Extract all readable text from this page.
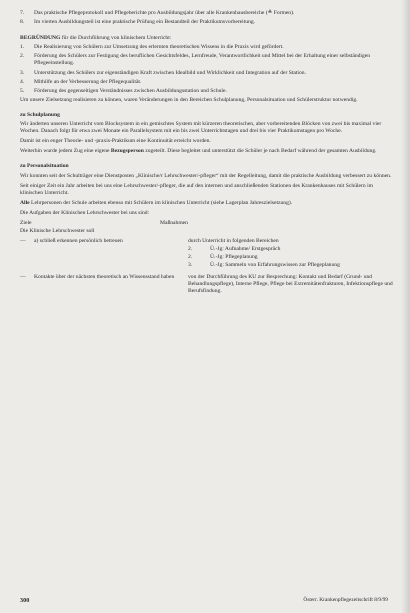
7.	Das praktische Pflegeprotokoll und Pflegeberichte pro Ausbildungsjahr über alle Krankenhausbereiche (≙ Formen).
8.	Im vierten Ausbildungsteil ist eine praktische Prüfung ein Bestandteil der Praktikumsvorbereitung.
BEGRÜNDUNG für die Durchführung von klinischem Unterricht:
1.	Die Realisierung von Schülern zur Umsetzung des erlernten theoretischen Wissens in die Praxis wird gefördert.
2.	Förderung des Schülers zur Festigung des beruflichen Gesichtsfeldes, Lernfreude, Verantwortlichkeit und Mittel bei der Erhaltung einer selbständigen Pflegeeinstellung.
3.	Unterstützung des Schülers zur eigenständigen Kraft zwischen Idealbild und Wirklichkeit und Integration auf der Station.
4.	Mithilfe an der Verbesserung der Pflegequalität.
5.	Förderung des gegenseitigen Verständnisses zwischen Ausbildungsstation und Schule.

Um unsere Zielsetzung realisieren zu können, waren Veränderungen in den Bereichen Schulplanung, Personalsituation und Schülerstruktur notwendig.

zu Schulplanung

Wir änderten unseren Unterricht vom Blocksystem in ein gemischtes System mit kürzeren theoretischen, aber vorbereitenden Blöcken von zwei bis maximal vier Wochen. Danach folgt für etwa zwei Monate ein Parallelsystem mit ein bis zwei Unterrichtstagen und drei bis vier Praktikumstagen pro Woche.

Damit ist ein enger Theorie- und -praxis-Praktikum eine Kontinuität erreicht worden.

Weiterhin wurde jedem Zug eine eigene Bezugsperson zugeteilt. Diese begleitet und unterstützt die Schüler je nach Bedarf während der gesamten Ausbildung.

zu Personalsituation

Wir konnten seit der Schulträger eine Dienstposten „Klinische/r Lehrschwester/-pfleger“ mit der Regelleitung, damit die praktische Ausbildung verbessert zu können.

Seit einiger Zeit ein Jahr arbeiten bei uns eine Lehrschwester/-pfleger, die auf den internen und anschließenden Stationen des Krankenhauses mit Schülern im klinischen Unterricht.

Alle Lehrpersonen der Schule arbeiten ebenso mit Schülern im klinischen Unterricht (siehe Lagerplan Jahreszielsetzung).

Die Aufgaben der Klinischen Lehrschwester bei uns sind:

Ziele	Maßnahmen

Die Klinische Lehrschwester soll

—	a) schließ erkennen persönlich betreuen	durch Unterricht in folgenden Bereichen
2.	Ü.-Jg: Aufnahme/ Erstgespräch
2.	Ü.-Jg: Pflegeplanung
3.	Ü.-Jg: Sammeln von Erfahrungswissen zur Pflegeplanung
—	Kontakte über der nächsten theoretisch an Wissensstand haben	von der Durchführung des KU zur Besprechung: Kontakt und Bedarf (Grund- und Behandlungspflege), Interne Pflege, Pflege bei Extremitätenfrakturen, Infektionspflege und Berufsfindung.
300	Österr. Krankenpflegezeitschrift 8/9/99
